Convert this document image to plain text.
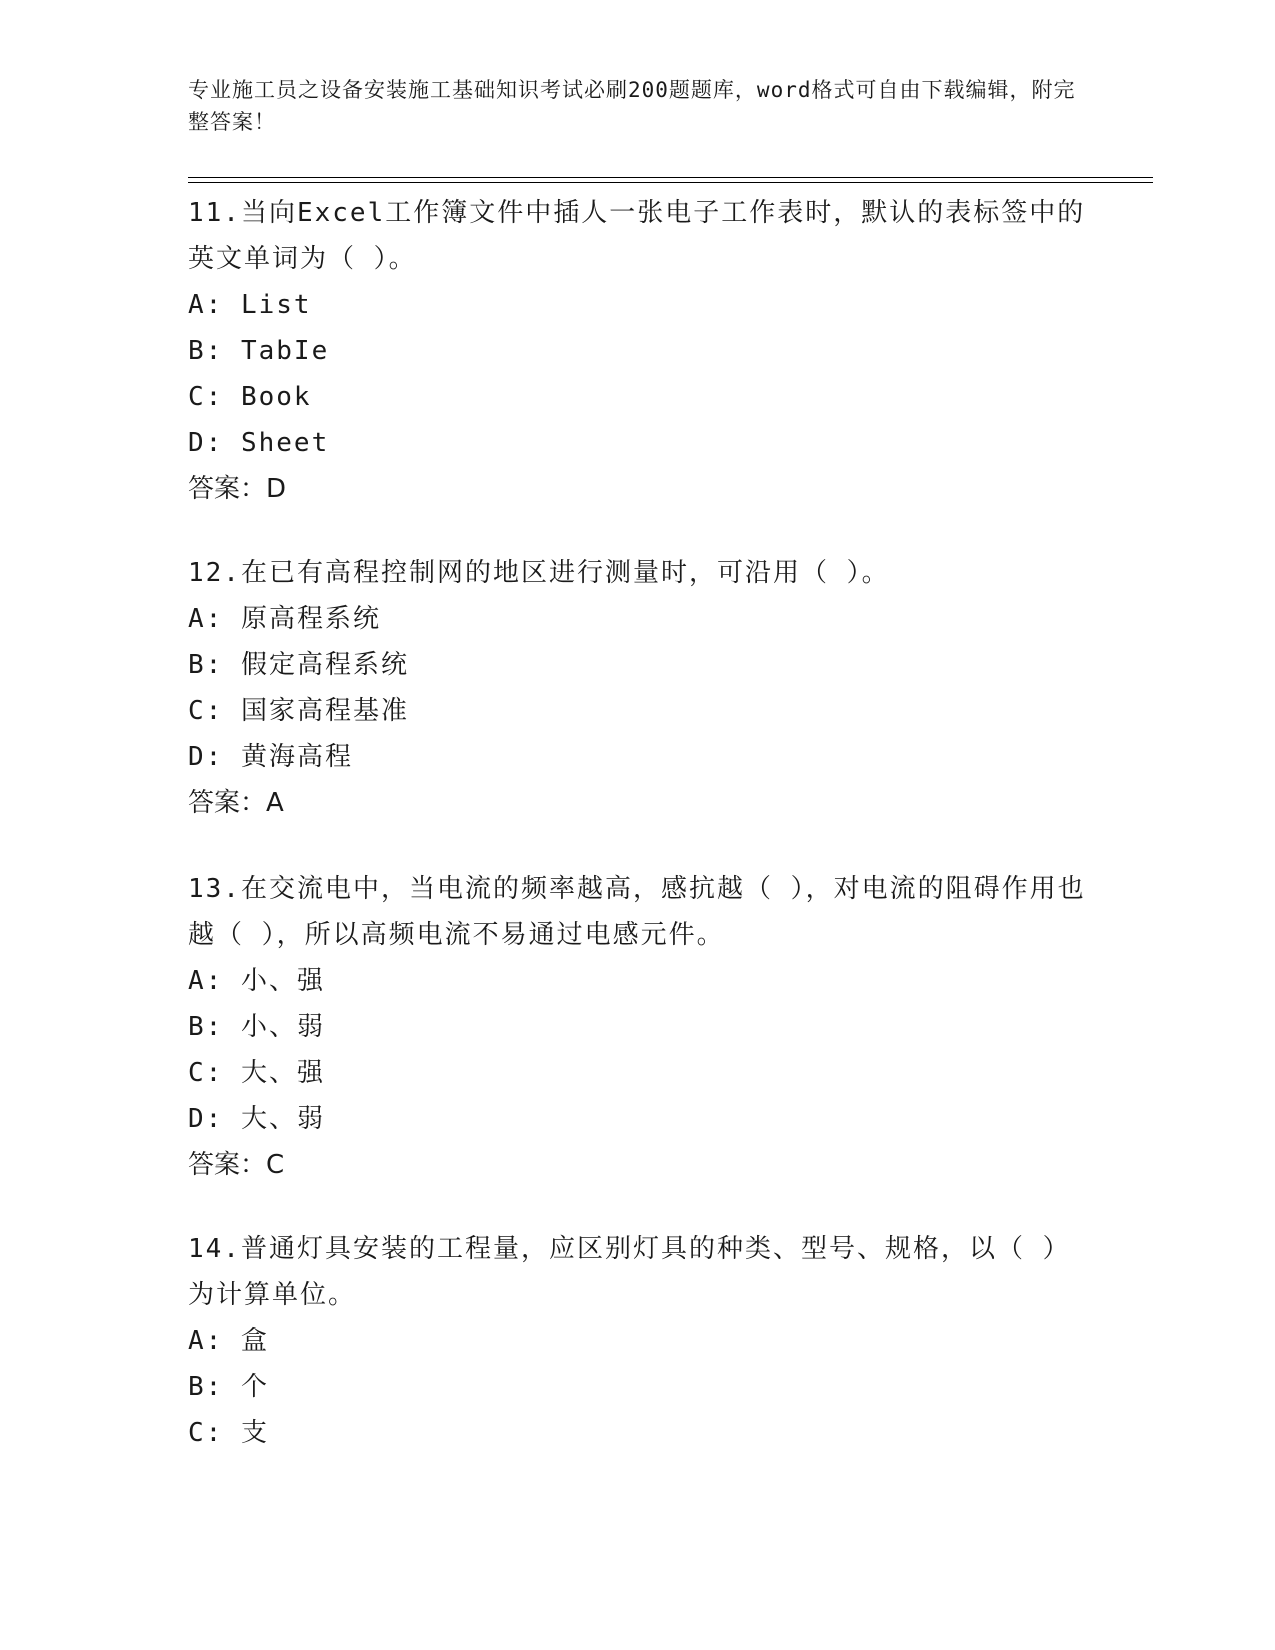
专业施工员之设备安装施工基础知识考试必刷200题题库，word格式可自由下载编辑，附完整答案！

11.当向Excel工作簿文件中插人一张电子工作表时，默认的表标签中的英文单词为（ ）。

A: List

B: TabIe

C: Book

D: Sheet

答案：D

12.在已有高程控制网的地区进行测量时，可沿用（ ）。

A: 原高程系统

B: 假定高程系统

C: 国家高程基准

D: 黄海高程

答案：A

13.在交流电中，当电流的频率越高，感抗越（ ），对电流的阻碍作用也越（ ），所以高频电流不易通过电感元件。

A: 小、强

B: 小、弱

C: 大、强

D: 大、弱

答案：C

14.普通灯具安装的工程量，应区别灯具的种类、型号、规格，以（ ）为计算单位。

A: 盒

B: 个

C: 支
